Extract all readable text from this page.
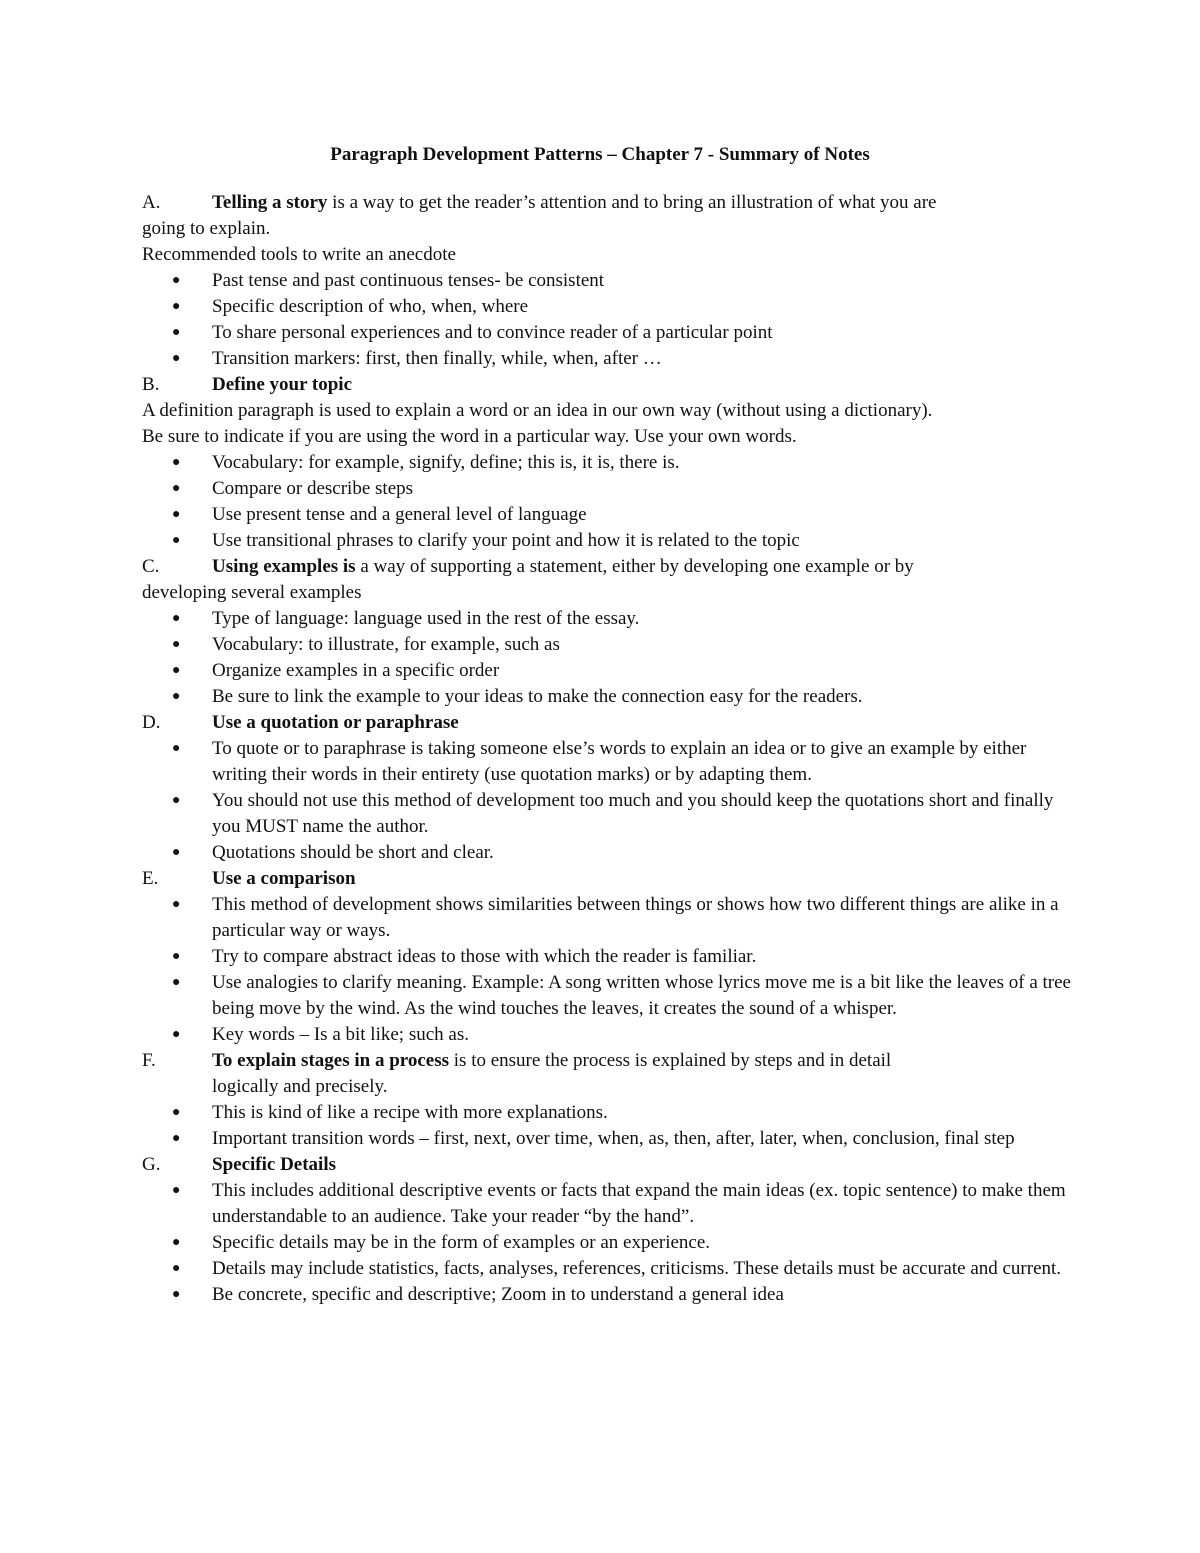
Paragraph Development Patterns – Chapter 7 - Summary of Notes
A.	Telling a story is a way to get the reader’s attention and to bring an illustration of what you are

going to explain.

Recommended tools to write an anecdote

●	Past tense and past continuous tenses- be consistent
●	Specific description of who, when, where
●	To share personal experiences and to convince reader of a particular point
●	Transition markers: first, then finally, while, when, after …
B.	Define your topic

A definition paragraph is used to explain a word or an idea in our own way (without using a dictionary).

Be sure to indicate if you are using the word in a particular way. Use your own words.

●	Vocabulary: for example, signify, define; this is, it is, there is.
●	Compare or describe steps
●	Use present tense and a general level of language
●	Use transitional phrases to clarify your point and how it is related to the topic
C.	Using examples is a way of supporting a statement, either by developing one example or by

developing several examples

●	Type of language: language used in the rest of the essay.
●	Vocabulary: to illustrate, for example, such as
●	Organize examples in a specific order
●	Be sure to link the example to your ideas to make the connection easy for the readers.
D.	Use a quotation or paraphrase
●	To quote or to paraphrase is taking someone else’s words to explain an idea or to give an example by either writing their words in their entirety (use quotation marks) or by adapting them.
●	You should not use this method of development too much and you should keep the quotations short and finally you MUST name the author.
●	Quotations should be short and clear.
E.	Use a comparison
●	This method of development shows similarities between things or shows how two different things are alike in a particular way or ways.
●	Try to compare abstract ideas to those with which the reader is familiar.
●	Use analogies to clarify meaning. Example: A song written whose lyrics move me is a bit like the leaves of a tree being move by the wind. As the wind touches the leaves, it creates the sound of a whisper.
●	Key words – Is a bit like; such as.
F.	To explain stages in a process is to ensure the process is explained by steps and in detail

logically and precisely.

●	This is kind of like a recipe with more explanations.
●	Important transition words – first, next, over time, when, as, then, after, later, when, conclusion, final step
G.	Specific Details
●	This includes additional descriptive events or facts that expand the main ideas (ex. topic sentence) to make them understandable to an audience. Take your reader “by the hand”.
●	Specific details may be in the form of examples or an experience.
●	Details may include statistics, facts, analyses, references, criticisms. These details must be accurate and current.
●	Be concrete, specific and descriptive; Zoom in to understand a general idea
